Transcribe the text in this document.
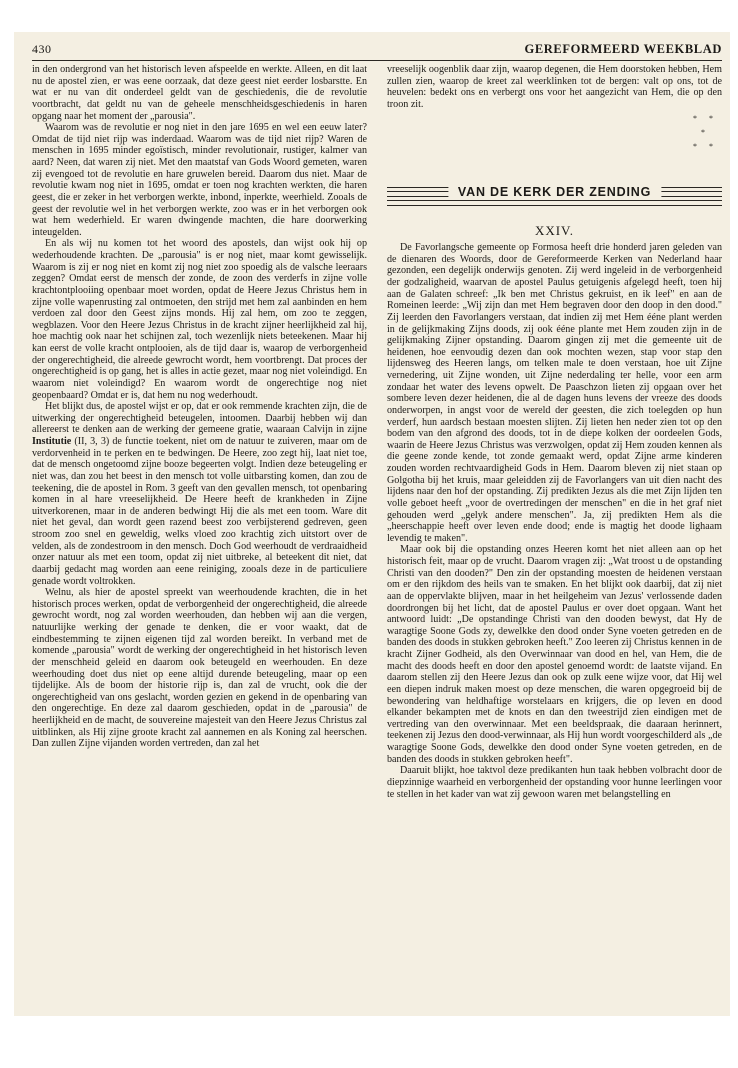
430	GEREFORMEERD WEEKBLAD

in den ondergrond van het historisch leven afspeelde en werkte. Alleen, en dit laat nu de apostel zien, er was eene oorzaak, dat deze geest niet eerder losbarstte. En wat er nu van dit onderdeel geldt van de geschiedenis, die de revolutie voortbracht, dat geldt nu van de geheele menschheidsgeschiedenis in haren opgang naar het moment der „parousia".

Waarom was de revolutie er nog niet in den jare 1695 en wel een eeuw later? Omdat de tijd niet rijp was inderdaad. Waarom was de tijd niet rijp? Waren de menschen in 1695 minder egoïstisch, minder revolutionair, rustiger, kalmer van aard? Neen, dat waren zij niet. Met den maatstaf van Gods Woord gemeten, waren zij evengoed tot de revolutie en hare gruwelen bereid. Daarom dus niet. Maar de revolutie kwam nog niet in 1695, omdat er toen nog krachten werkten, die haren geest, die er zeker in het verborgen werkte, inbond, inperkte, weerhield. Zooals de geest der revolutie wel in het verborgen werkte, zoo was er in het verborgen ook wat hem wederhield. Er waren dwingende machten, die hare doorwerking inteugelden.

En als wij nu komen tot het woord des apostels, dan wijst ook hij op wederhoudende krachten. De „parousia" is er nog niet, maar komt gewisselijk. Waarom is zij er nog niet en komt zij nog niet zoo spoedig als de valsche leeraars zeggen? Omdat eerst de mensch der zonde, de zoon des verderfs in zijne volle krachtontplooiing openbaar moet worden, opdat de Heere Jezus Christus hem in zijne volle wapenrusting zal ontmoeten, den strijd met hem zal aanbinden en hem verdoen zal door den Geest zijns monds. Hij zal hem, om zoo te zeggen, wegblazen. Voor den Heere Jezus Christus in de kracht zijner heerlijkheid zal hij, hoe machtig ook naar het schijnen zal, toch wezenlijk niets beteekenen. Maar hij kan eerst de volle kracht ontplooien, als de tijd daar is, waarop de verborgenheid der ongerechtigheid, die alreede gewrocht wordt, hem voortbrengt. Dat proces der ongerechtigheid is op gang, het is alles in actie gezet, maar nog niet voleindigd. En waarom niet voleindigd? En waarom wordt de ongerechtige nog niet geopenbaard? Omdat er is, dat hem nu nog wederhoudt.

Het blijkt dus, de apostel wijst er op, dat er ook remmende krachten zijn, die de uitwerking der ongerechtigheid beteugelen, intoomen. Daarbij hebben wij dan allereerst te denken aan de werking der gemeene gratie, waaraan Calvijn in zijne Institutie (II, 3, 3) de functie toekent, niet om de natuur te zuiveren, maar om de verdorvenheid in te perken en te bedwingen. De Heere, zoo zegt hij, laat niet toe, dat de mensch ongetoomd zijne booze begeerten volgt. Indien deze beteugeling er niet was, dan zou het beest in den mensch tot volle uitbarsting komen, dan zou de teekening, die de apostel in Rom. 3 geeft van den gevallen mensch, tot openbaring komen in al hare vreeselijkheid. De Heere heeft de krankheden in Zijne uitverkorenen, maar in de anderen bedwingt Hij die als met een toom. Ware dit niet het geval, dan wordt geen razend beest zoo verbijsterend gedreven, geen stroom zoo snel en geweldig, welks vloed zoo krachtig zich uitstort over de velden, als de zondestroom in den mensch. Doch God weerhoudt de verdraaidheid onzer natuur als met een toom, opdat zij niet uitbreke, al beteekent dit niet, dat daarbij gedacht mag worden aan eene reiniging, zooals deze in de particuliere genade wordt voltrokken.

Welnu, als hier de apostel spreekt van weerhoudende krachten, die in het historisch proces werken, opdat de verborgenheid der ongerechtigheid, die alreede gewrocht wordt, nog zal worden weerhouden, dan hebben wij aan die vergen, natuurlijke werking der genade te denken, die er voor waakt, dat de eindbestemming te zijnen eigenen tijd zal worden bereikt. In verband met de komende „parousia" wordt de werking der ongerechtigheid in het historisch leven der menschheid geleid en daarom ook beteugeld en weerhouden. En deze weerhouding doet dus niet op eene altijd durende beteugeling, maar op een tijdelijke. Als de boom der historie rijp is, dan zal de vrucht, ook die der ongerechtigheid van ons geslacht, worden gezien en gekend in de openbaring van den ongerechtige. En deze zal daarom geschieden, opdat in de „parousia" de heerlijkheid en de macht, de souvereine majesteit van den Heere Jezus Christus zal uitblinken, als Hij zijne groote kracht zal aannemen en als Koning zal heerschen. Dan zullen Zijne vijanden worden vertreden, dan zal het

vreeselijk oogenblik daar zijn, waarop degenen, die Hem doorstoken hebben, Hem zullen zien, waarop de kreet zal weerklinken tot de bergen: valt op ons, tot de heuvelen: bedekt ons en verbergt ons voor het aangezicht van Hem, die op den troon zit.

* *
*
* *
VAN DE KERK DER ZENDING
XXIV.

De Favorlangsche gemeente op Formosa heeft drie honderd jaren geleden van de dienaren des Woords, door de Gereformeerde Kerken van Nederland haar gezonden, een degelijk onderwijs genoten. Zij werd ingeleid in de verborgenheid der godzaligheid, waarvan de apostel Paulus getuigenis afgelegd heeft, toen hij aan de Galaten schreef: „Ik ben met Christus gekruist, en ik leef" en aan de Romeinen leerde: „Wij zijn dan met Hem begraven door den doop in den dood." Zij leerden den Favorlangers verstaan, dat indien zij met Hem ééne plant werden in de gelijkmaking Zijns doods, zij ook ééne plante met Hem zouden zijn in de gelijkmaking Zijner opstanding. Daarom gingen zij met die gemeente uit de heidenen, hoe eenvoudig dezen dan ook mochten wezen, stap voor stap den lijdensweg des Heeren langs, om telken male te doen verstaan, hoe uit Zijne vernedering, uit Zijne wonden, uit Zijne nederdaling ter helle, voor een arm zondaar het water des levens opwelt. De Paaschzon lieten zij opgaan over het sombere leven dezer heidenen, die al de dagen huns levens der vreeze des doods onderworpen, in angst voor de wereld der geesten, die zich toelegden op hun verderf, hun aardsch bestaan moesten slijten. Zij lieten hen neder zien tot op den bodem van den afgrond des doods, tot in de diepe kolken der oordeelen Gods, waarin de Heere Jezus Christus was verzwolgen, opdat zij Hem zouden kennen als die geene zonde kende, tot zonde gemaakt werd, opdat Zijne arme kinderen zouden worden rechtvaardigheid Gods in Hem. Daarom bleven zij niet staan op Golgotha bij het kruis, maar geleidden zij de Favorlangers van uit dien nacht des lijdens naar den hof der opstanding. Zij predikten Jezus als die met Zijn lijden ten volle geboet heeft „voor de overtredingen der menschen" en die in het graf niet gehouden werd „gelyk andere menschen". Ja, zij predikten Hem als die „heerschappie heeft over leven ende dood; ende is magtig het doode lighaam levendig te maken".

Maar ook bij die opstanding onzes Heeren komt het niet alleen aan op het historisch feit, maar op de vrucht. Daarom vragen zij: „Wat troost u de opstanding Christi van den dooden?" Den zin der opstanding moesten de heidenen verstaan om er den rijkdom des heils van te smaken. En het blijkt ook daarbij, dat zij niet aan de oppervlakte blijven, maar in het heilgeheim van Jezus' verlossende daden doordrongen bij het licht, dat de apostel Paulus er over doet opgaan. Want het antwoord luidt: „De opstandinge Christi van den dooden bewyst, dat Hy de waragtige Soone Gods zy, dewelkke den dood onder Syne voeten getreden en de banden des doods in stukken gebroken heeft." Zoo leeren zij Christus kennen in de kracht Zijner Godheid, als den Overwinnaar van dood en hel, van Hem, die de macht des doods heeft en door den apostel genoemd wordt: de laatste vijand. En daarom stellen zij den Heere Jezus dan ook op zulk eene wijze voor, dat Hij wel een diepen indruk maken moest op deze menschen, die waren opgegroeid bij de bewondering van heldhaftige worstelaars en krijgers, die op leven en dood elkander bekampten met de knots en dan den tweestrijd zien eindigen met de vertreding van den overwinnaar. Met een beeldspraak, die daaraan herinnert, teekenen zij Jezus den dood-verwinnaar, als Hij hun wordt voorgeschilderd als „de waragtige Soone Gods, dewelkke den dood onder Syne voeten getreden, en de banden des doods in stukken gebroken heeft".

Daaruit blijkt, hoe taktvol deze predikanten hun taak hebben volbracht door de diepzinnige waarheid en verborgenheid der opstanding voor hunne leerlingen voor te stellen in het kader van wat zij gewoon waren met belangstelling en
